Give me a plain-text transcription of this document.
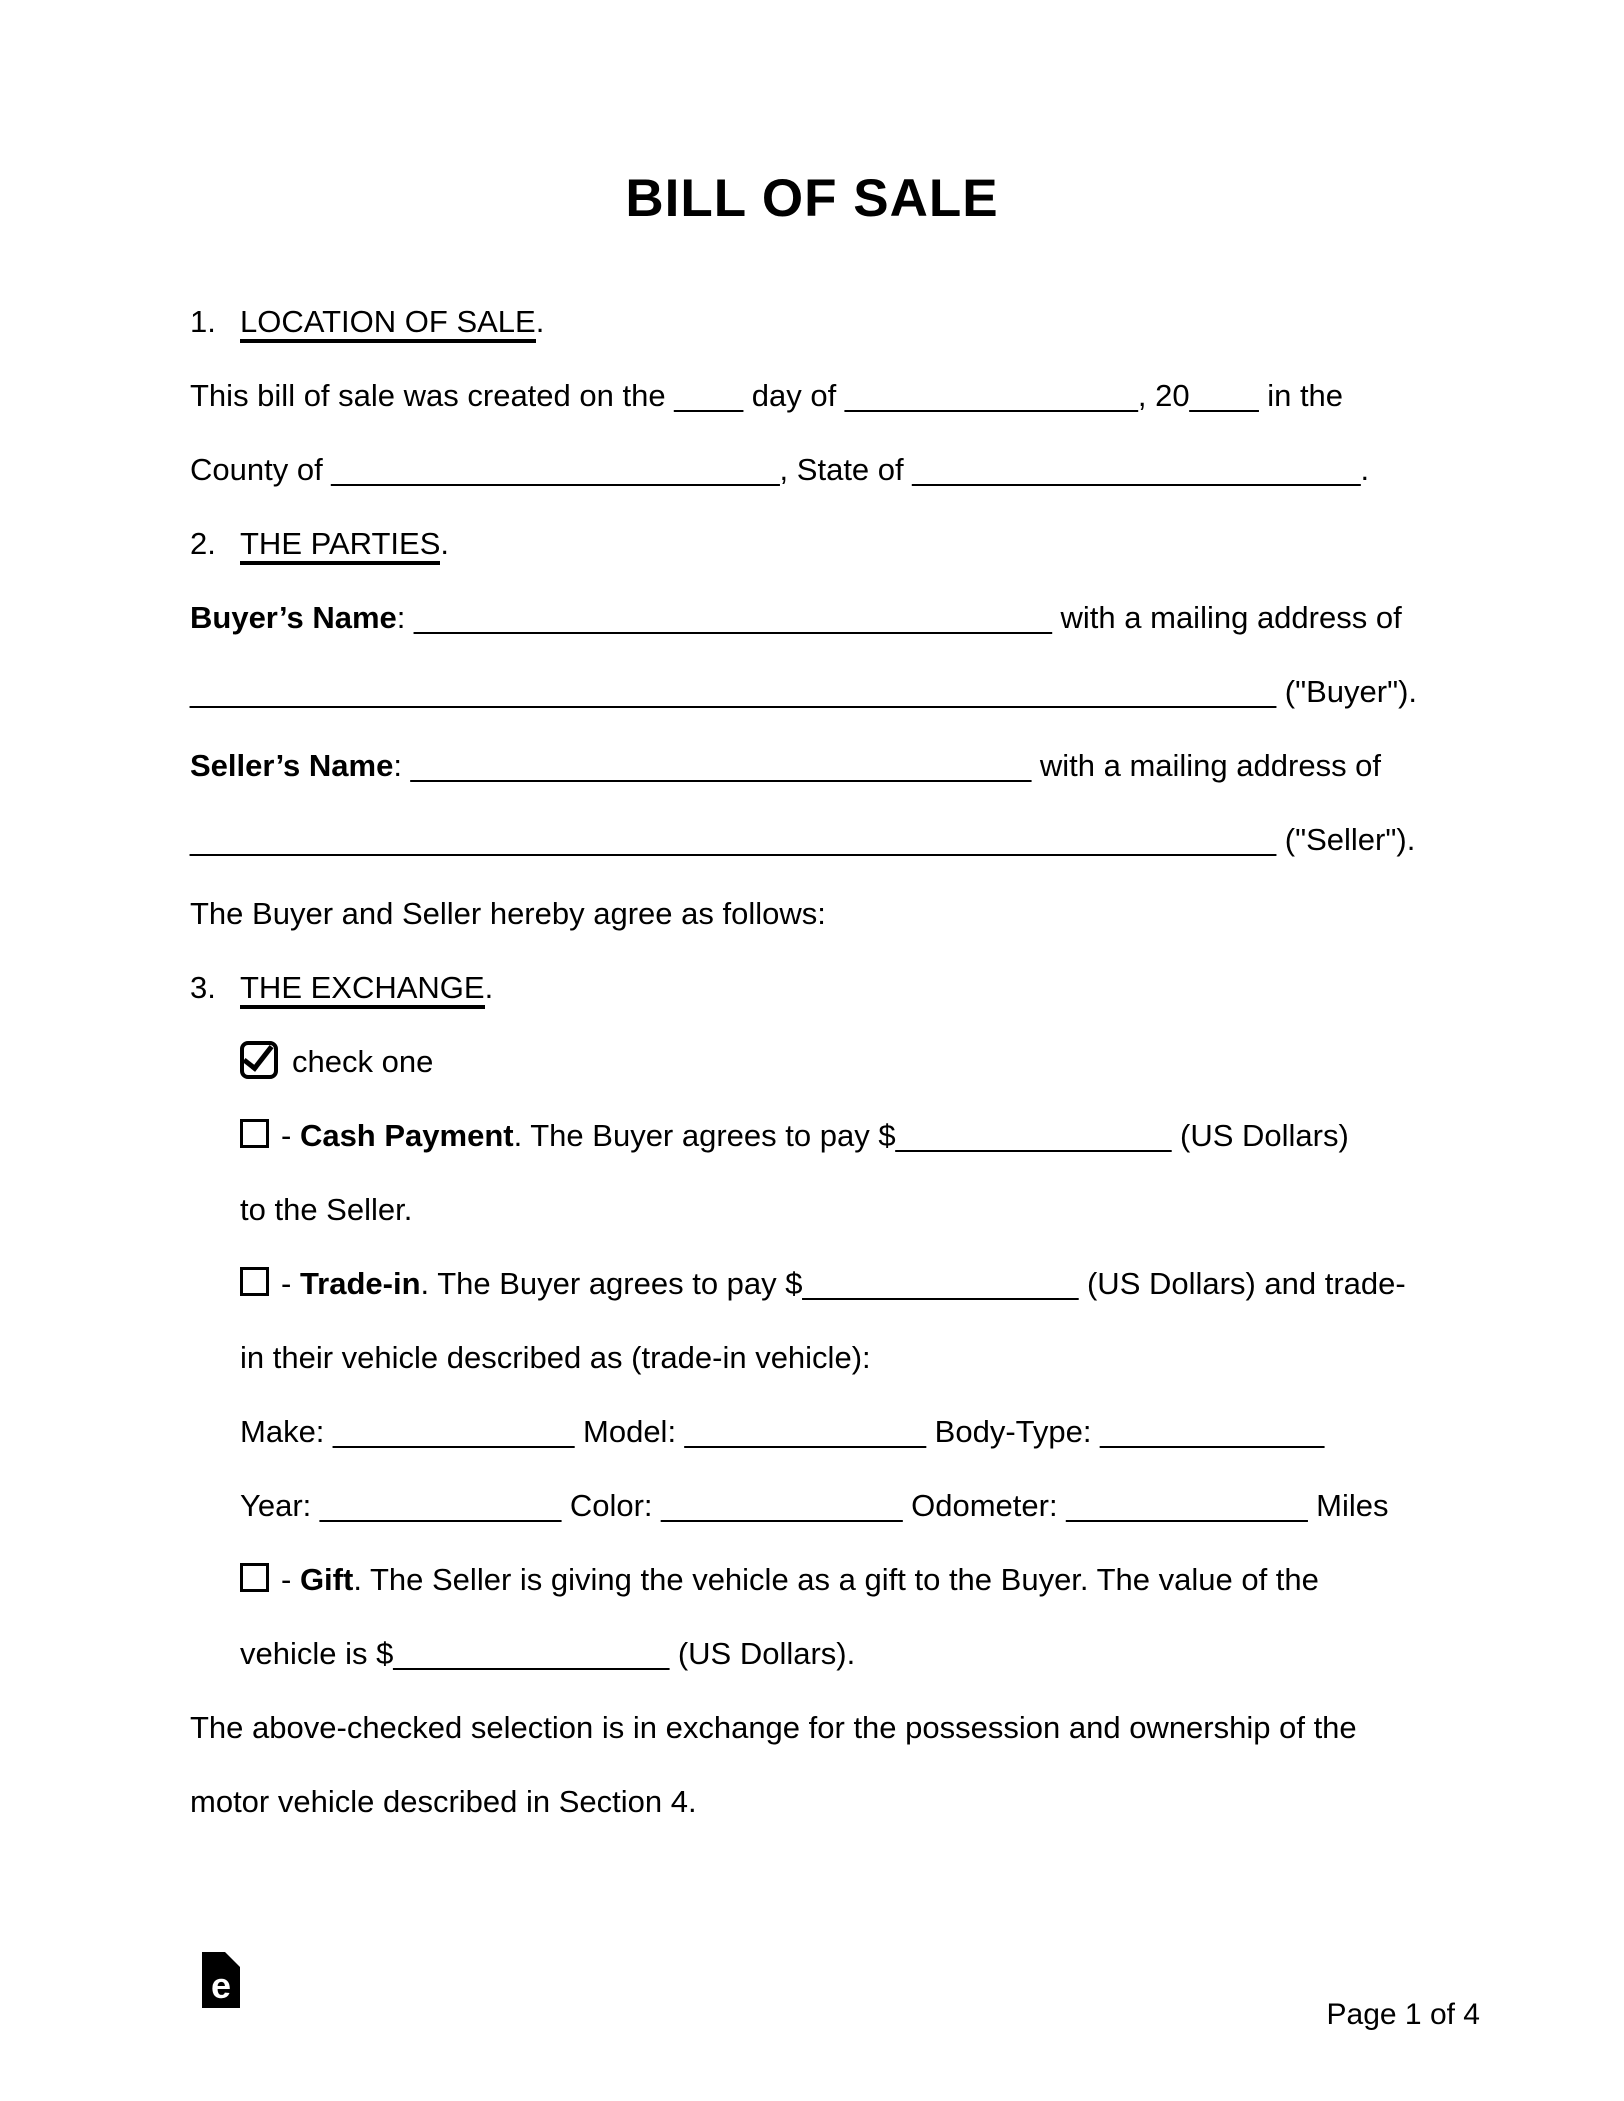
BILL OF SALE
1. LOCATION OF SALE.
This bill of sale was created on the ____ day of _________________, 20____ in the
County of __________________________, State of __________________________.
2. THE PARTIES.
Buyer’s Name: _____________________________________ with a mailing address of
_______________________________________________________________ ("Buyer").
Seller’s Name: ____________________________________ with a mailing address of
_______________________________________________________________ ("Seller").
The Buyer and Seller hereby agree as follows:
3. THE EXCHANGE.
check one
- Cash Payment. The Buyer agrees to pay $________________ (US Dollars)
to the Seller.
- Trade-in. The Buyer agrees to pay $________________ (US Dollars) and trade-
in their vehicle described as (trade-in vehicle):
Make: ______________ Model: ______________ Body-Type: _____________
Year: ______________ Color: ______________ Odometer: ______________ Miles
- Gift. The Seller is giving the vehicle as a gift to the Buyer. The value of the
vehicle is $________________ (US Dollars).
The above-checked selection is in exchange for the possession and ownership of the
motor vehicle described in Section 4.
e
Page 1 of 4
